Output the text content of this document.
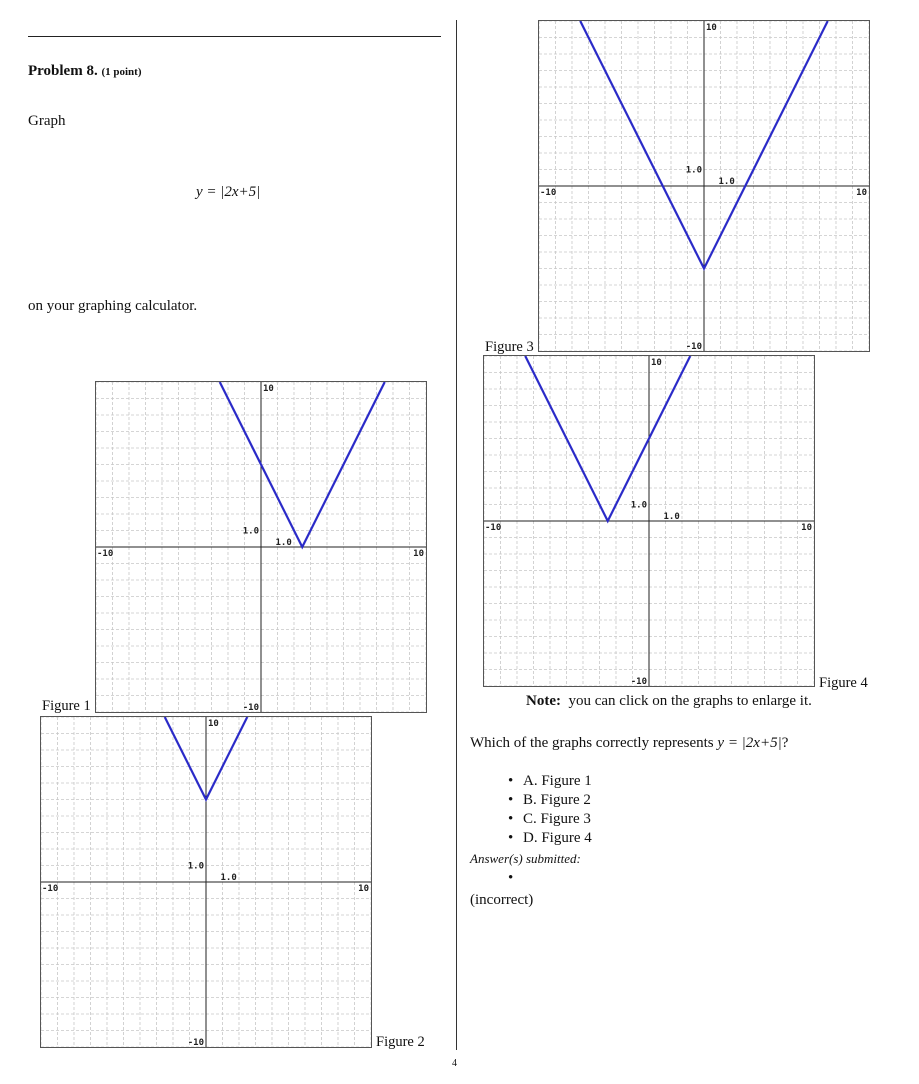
Problem 8. (1 point)
Graph
y = |2x+5|
on your graphing calculator.
Figure 1
-10	10
10
-10
1.0
1.0
Figure 2
-10	10
10
-10
1.0
1.0
Figure 3
-10	10
10
-10
1.0
1.0
Figure 4
-10	10
10
-10
1.0
1.0
Note: you can click on the graphs to enlarge it.
Which of the graphs correctly represents y = |2x+5|?
• A. Figure 1
• B. Figure 2
• C. Figure 3
• D. Figure 4
Answer(s) submitted:
•
(incorrect)
4
